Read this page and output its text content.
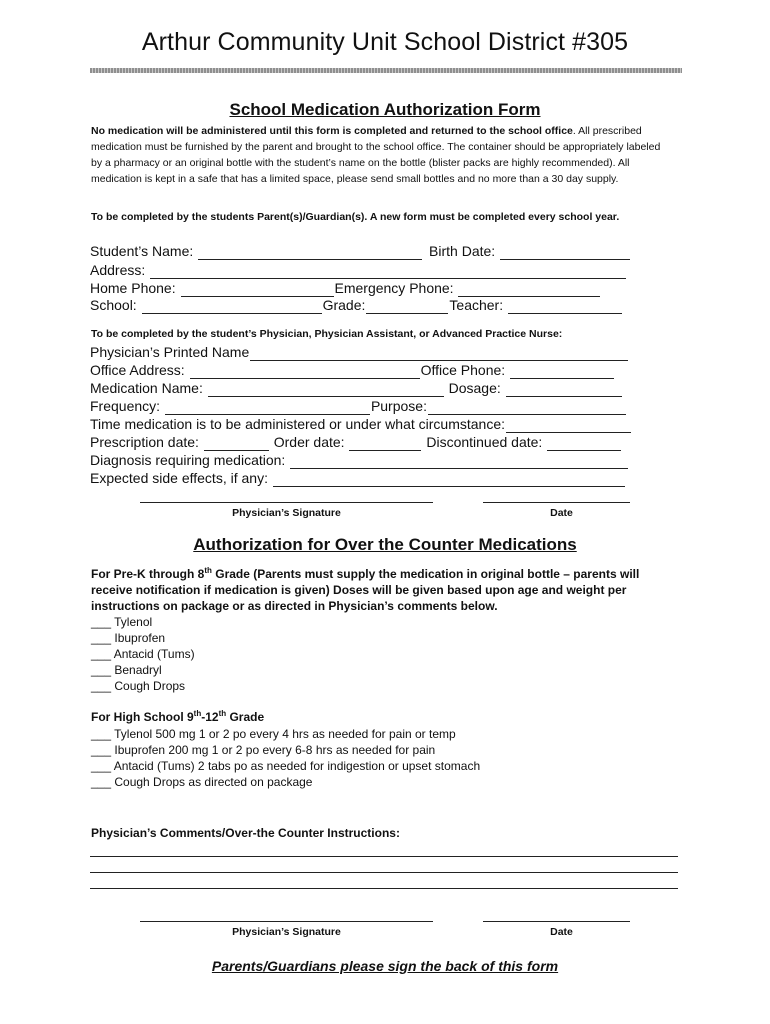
Arthur Community Unit School District #305
School Medication Authorization Form
No medication will be administered until this form is completed and returned to the school office. All prescribed medication must be furnished by the parent and brought to the school office. The container should be appropriately labeled by a pharmacy or an original bottle with the student’s name on the bottle (blister packs are highly recommended). All medication is kept in a safe that has a limited space, please send small bottles and no more than a 30 day supply.
To be completed by the students Parent(s)/Guardian(s). A new form must be completed every school year.
Student’s Name:	Birth Date:
Address:
Home Phone:	Emergency Phone:
School:	Grade:	Teacher:
To be completed by the student’s Physician, Physician Assistant, or Advanced Practice Nurse:
Physician’s Printed Name
Office Address:	Office Phone:
Medication Name:	Dosage:
Frequency:	Purpose:
Time medication is to be administered or under what circumstance:
Prescription date:	Order date:	Discontinued date:
Diagnosis requiring medication:
Expected side effects, if any:
Physician’s Signature	Date
Authorization for Over the Counter Medications
For Pre-K through 8th Grade (Parents must supply the medication in original bottle – parents will receive notification if medication is given) Doses will be given based upon age and weight per instructions on package or as directed in Physician’s comments below.
___ Tylenol
___ Ibuprofen
___ Antacid (Tums)
___ Benadryl
___ Cough Drops
For High School 9th-12th Grade
___ Tylenol 500 mg 1 or 2 po every 4 hrs as needed for pain or temp
___ Ibuprofen 200 mg 1 or 2 po every 6-8 hrs as needed for pain
___ Antacid (Tums) 2 tabs po as needed for indigestion or upset stomach
___ Cough Drops as directed on package
Physician’s Comments/Over-the Counter Instructions:
Physician’s Signature	Date
Parents/Guardians please sign the back of this form
